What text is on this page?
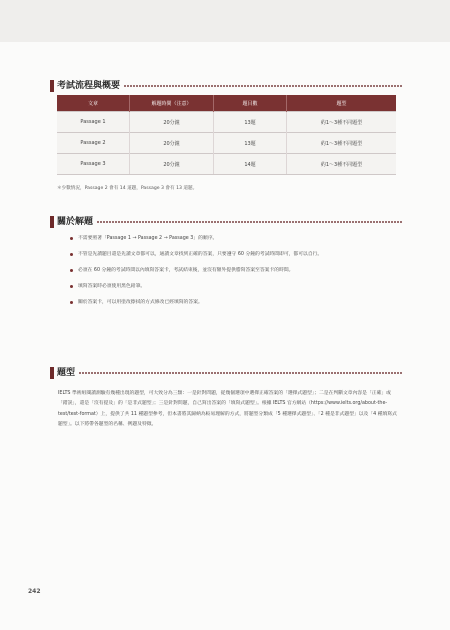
考試流程與概要
文章	解題時間（注意）	題目數	題型
Passage 1	20分鐘	13題	約1～3種不同題型
Passage 2	20分鐘	13題	約1～3種不同題型
Passage 3	20分鐘	14題	約1～3種不同題型
＊少數情況，Passage 2 會有 14 道題，Passage 3 會有 13 道題。
關於解題
不需要照著「Passage 1 → Passage 2 → Passage 3」的順序。
不管是先讀題目還是先讀文章都可以，通讀文章找到正確的答案，只要遵守 60 分鐘的考試時間即可，都可以自行。
必須在 60 分鐘的考試時間以內填寫答案卡，考試結束後，並沒有額外提供謄寫答案至答案卡的時間。
填寫答案時必須使用黑色鉛筆。
關於答案卡，可以用塗改擦拭的方式修改已經填寫的答案。
題型

IELTS 學術組閱讀測驗有幾種出現的題型，可大致分為三類：一是針對問題，從幾個選項中選擇正確答案的「選擇式題型」；二是在判斷文章內容是「正確」或「錯誤」，還是「沒有提及」的「是非式題型」；三是針對問題，自己寫出答案的「填寫式題型」。根據 IELTS 官方網站（https://www.ielts.org/about-the-test/test-format）上，提供了共 11 種題型參考，但本書將其歸納為較易理解的方式，將題型分類成「5 種選擇式題型」、「2 種是非式題型」以及「4 種填寫式題型」。以下將帶各題型的名稱、例題及特徵。

242
